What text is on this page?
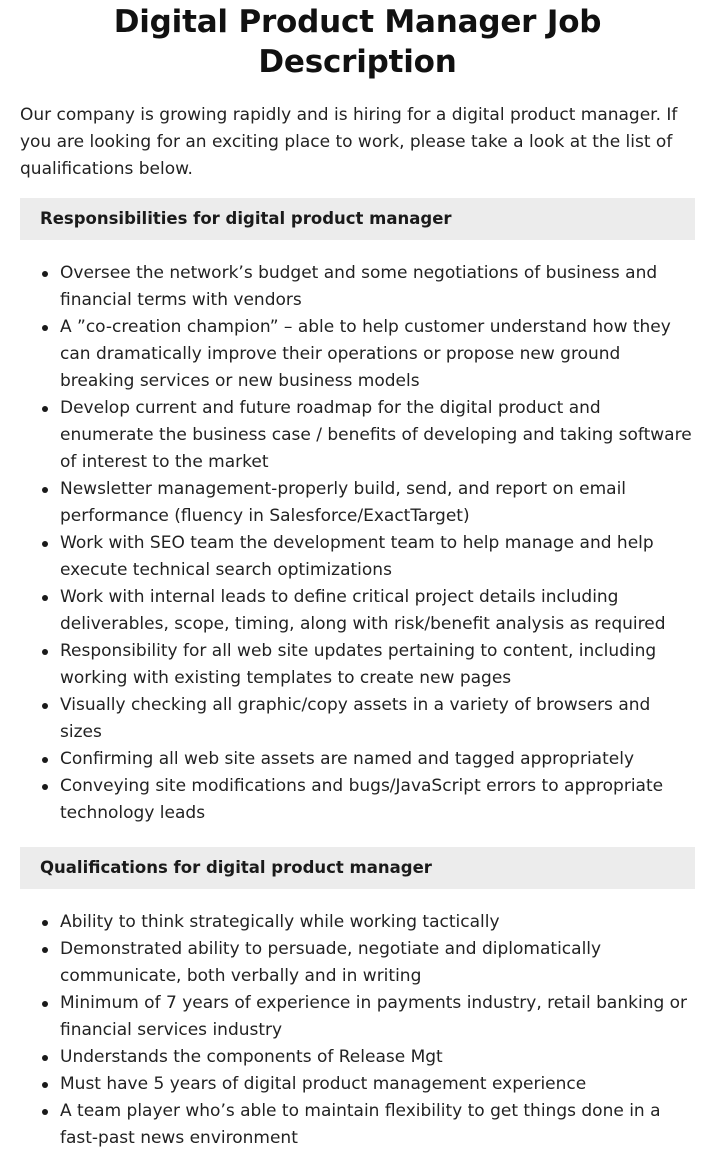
Digital Product Manager Job Description

Our company is growing rapidly and is hiring for a digital product manager. If you are looking for an exciting place to work, please take a look at the list of qualifications below.

Responsibilities for digital product manager
Oversee the network’s budget and some negotiations of business and financial terms with vendors
A ”co-creation champion” – able to help customer understand how they can dramatically improve their operations or propose new ground breaking services or new business models
Develop current and future roadmap for the digital product and enumerate the business case / benefits of developing and taking software of interest to the market
Newsletter management-properly build, send, and report on email performance (fluency in Salesforce/ExactTarget)
Work with SEO team the development team to help manage and help execute technical search optimizations
Work with internal leads to define critical project details including deliverables, scope, timing, along with risk/benefit analysis as required
Responsibility for all web site updates pertaining to content, including working with existing templates to create new pages
Visually checking all graphic/copy assets in a variety of browsers and sizes
Confirming all web site assets are named and tagged appropriately
Conveying site modifications and bugs/JavaScript errors to appropriate technology leads
Qualifications for digital product manager
Ability to think strategically while working tactically
Demonstrated ability to persuade, negotiate and diplomatically communicate, both verbally and in writing
Minimum of 7 years of experience in payments industry, retail banking or financial services industry
Understands the components of Release Mgt
Must have 5 years of digital product management experience
A team player who’s able to maintain flexibility to get things done in a fast-past news environment
